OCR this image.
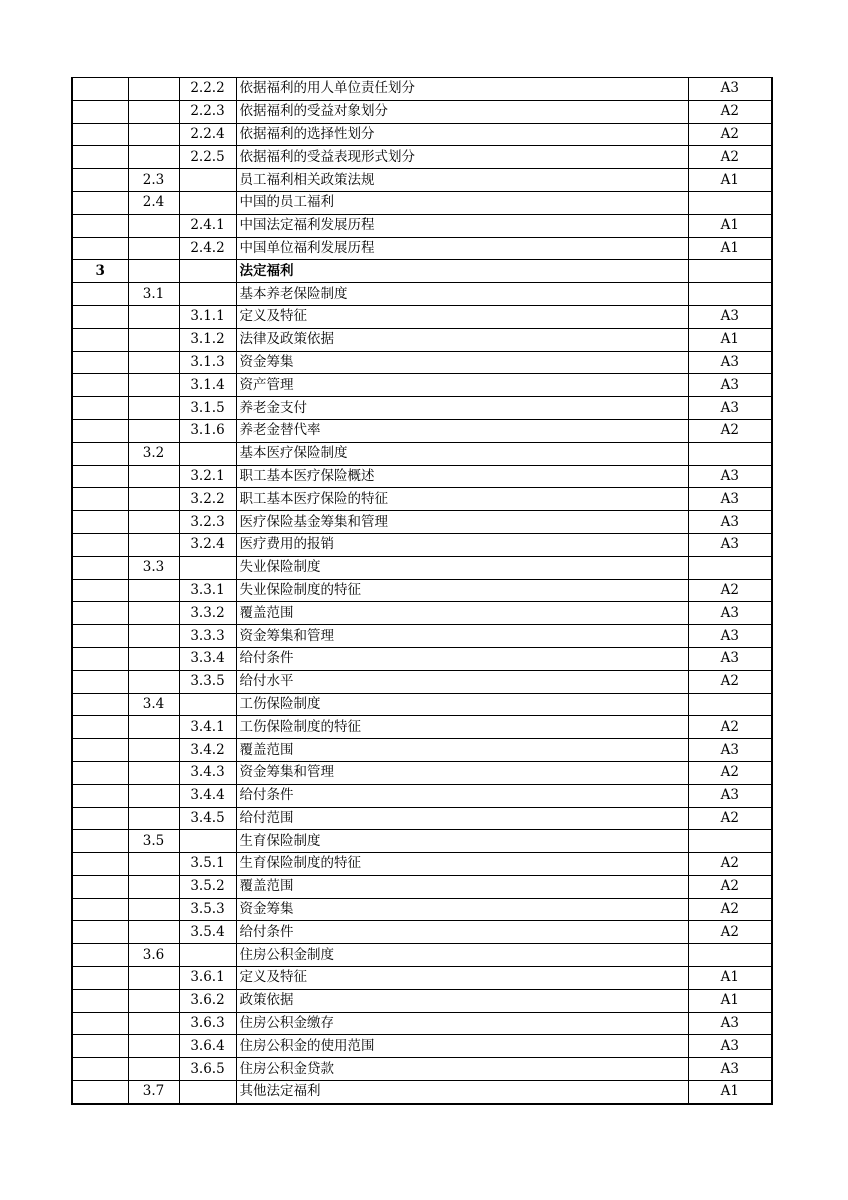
		2.2.2	依据福利的用人单位责任划分	A3
		2.2.3	依据福利的受益对象划分	A2
		2.2.4	依据福利的选择性划分	A2
		2.2.5	依据福利的受益表现形式划分	A2
	2.3		员工福利相关政策法规	A1
	2.4		中国的员工福利	
		2.4.1	中国法定福利发展历程	A1
		2.4.2	中国单位福利发展历程	A1
3			法定福利	
	3.1		基本养老保险制度	
		3.1.1	定义及特征	A3
		3.1.2	法律及政策依据	A1
		3.1.3	资金筹集	A3
		3.1.4	资产管理	A3
		3.1.5	养老金支付	A3
		3.1.6	养老金替代率	A2
	3.2		基本医疗保险制度	
		3.2.1	职工基本医疗保险概述	A3
		3.2.2	职工基本医疗保险的特征	A3
		3.2.3	医疗保险基金筹集和管理	A3
		3.2.4	医疗费用的报销	A3
	3.3		失业保险制度	
		3.3.1	失业保险制度的特征	A2
		3.3.2	覆盖范围	A3
		3.3.3	资金筹集和管理	A3
		3.3.4	给付条件	A3
		3.3.5	给付水平	A2
	3.4		工伤保险制度	
		3.4.1	工伤保险制度的特征	A2
		3.4.2	覆盖范围	A3
		3.4.3	资金筹集和管理	A2
		3.4.4	给付条件	A3
		3.4.5	给付范围	A2
	3.5		生育保险制度	
		3.5.1	生育保险制度的特征	A2
		3.5.2	覆盖范围	A2
		3.5.3	资金筹集	A2
		3.5.4	给付条件	A2
	3.6		住房公积金制度	
		3.6.1	定义及特征	A1
		3.6.2	政策依据	A1
		3.6.3	住房公积金缴存	A3
		3.6.4	住房公积金的使用范围	A3
		3.6.5	住房公积金贷款	A3
	3.7		其他法定福利	A1
